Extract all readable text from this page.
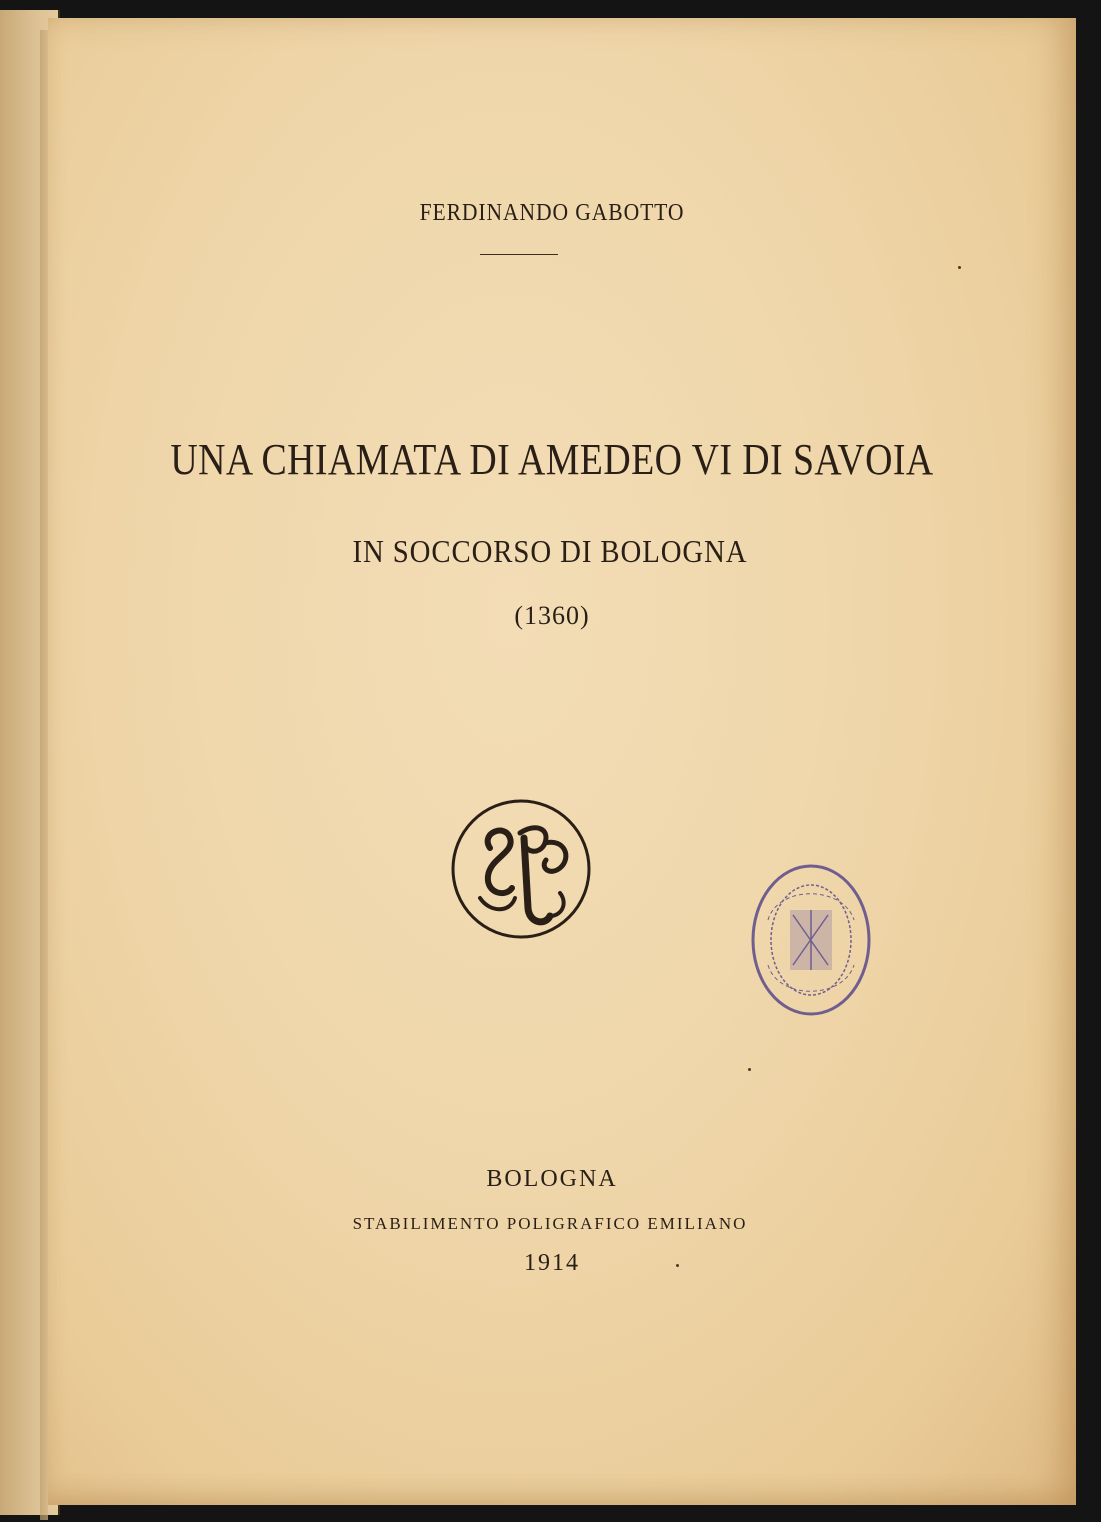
FERDINANDO GABOTTO
UNA CHIAMATA DI AMEDEO VI DI SAVOIA
IN SOCCORSO DI BOLOGNA
(1360)
BOLOGNA
STABILIMENTO POLIGRAFICO EMILIANO
1914
